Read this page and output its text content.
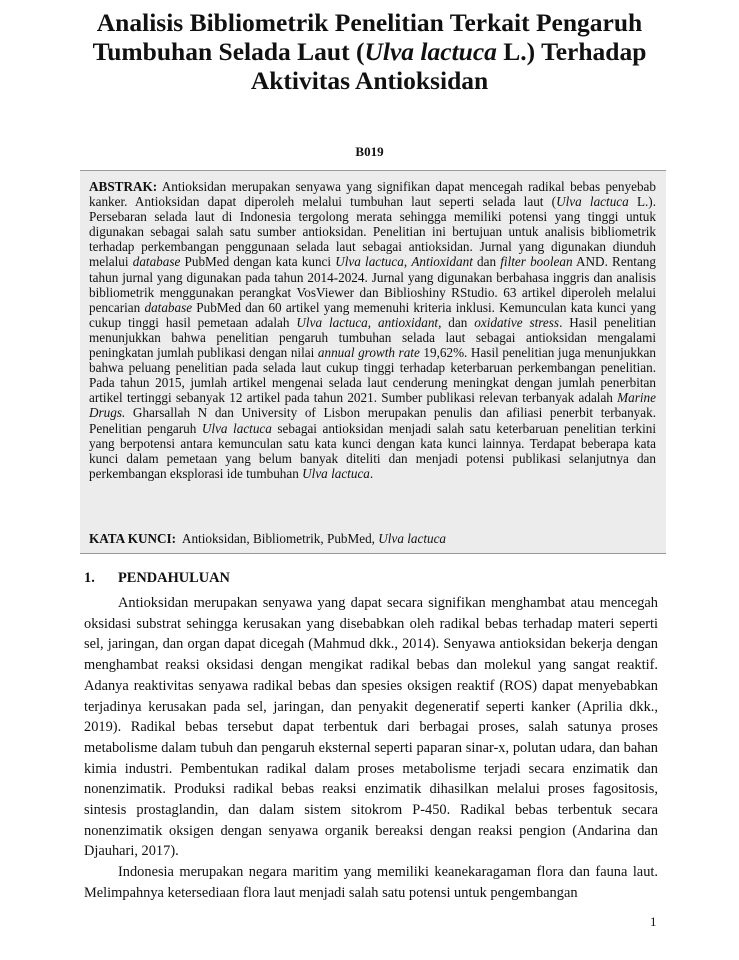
Analisis Bibliometrik Penelitian Terkait Pengaruh Tumbuhan Selada Laut (Ulva lactuca L.) Terhadap Aktivitas Antioksidan
B019
ABSTRAK: Antioksidan merupakan senyawa yang signifikan dapat mencegah radikal bebas penyebab kanker. Antioksidan dapat diperoleh melalui tumbuhan laut seperti selada laut (Ulva lactuca L.). Persebaran selada laut di Indonesia tergolong merata sehingga memiliki potensi yang tinggi untuk digunakan sebagai salah satu sumber antioksidan. Penelitian ini bertujuan untuk analisis bibliometrik terhadap perkembangan penggunaan selada laut sebagai antioksidan. Jurnal yang digunakan diunduh melalui database PubMed dengan kata kunci Ulva lactuca, Antioxidant dan filter boolean AND. Rentang tahun jurnal yang digunakan pada tahun 2014-2024. Jurnal yang digunakan berbahasa inggris dan analisis bibliometrik menggunakan perangkat VosViewer dan Biblioshiny RStudio. 63 artikel diperoleh melalui pencarian database PubMed dan 60 artikel yang memenuhi kriteria inklusi. Kemunculan kata kunci yang cukup tinggi hasil pemetaan adalah Ulva lactuca, antioxidant, dan oxidative stress. Hasil penelitian menunjukkan bahwa penelitian pengaruh tumbuhan selada laut sebagai antioksidan mengalami peningkatan jumlah publikasi dengan nilai annual growth rate 19,62%. Hasil penelitian juga menunjukkan bahwa peluang penelitian pada selada laut cukup tinggi terhadap keterbaruan perkembangan penelitian. Pada tahun 2015, jumlah artikel mengenai selada laut cenderung meningkat dengan jumlah penerbitan artikel tertinggi sebanyak 12 artikel pada tahun 2021. Sumber publikasi relevan terbanyak adalah Marine Drugs. Gharsallah N dan University of Lisbon merupakan penulis dan afiliasi penerbit terbanyak. Penelitian pengaruh Ulva lactuca sebagai antioksidan menjadi salah satu keterbaruan penelitian terkini yang berpotensi antara kemunculan satu kata kunci dengan kata kunci lainnya. Terdapat beberapa kata kunci dalam pemetaan yang belum banyak diteliti dan menjadi potensi publikasi selanjutnya dan perkembangan eksplorasi ide tumbuhan Ulva lactuca.
KATA KUNCI:  Antioksidan, Bibliometrik, PubMed, Ulva lactuca
1. PENDAHULUAN

Antioksidan merupakan senyawa yang dapat secara signifikan menghambat atau mencegah oksidasi substrat sehingga kerusakan yang disebabkan oleh radikal bebas terhadap materi seperti sel, jaringan, dan organ dapat dicegah (Mahmud dkk., 2014). Senyawa antioksidan bekerja dengan menghambat reaksi oksidasi dengan mengikat radikal bebas dan molekul yang sangat reaktif. Adanya reaktivitas senyawa radikal bebas dan spesies oksigen reaktif (ROS) dapat menyebabkan terjadinya kerusakan pada sel, jaringan, dan penyakit degeneratif seperti kanker (Aprilia dkk., 2019). Radikal bebas tersebut dapat terbentuk dari berbagai proses, salah satunya proses metabolisme dalam tubuh dan pengaruh eksternal seperti paparan sinar-x, polutan udara, dan bahan kimia industri. Pembentukan radikal dalam proses metabolisme terjadi secara enzimatik dan nonenzimatik. Produksi radikal bebas reaksi enzimatik dihasilkan melalui proses fagositosis, sintesis prostaglandin, dan dalam sistem sitokrom P-450. Radikal bebas terbentuk secara nonenzimatik oksigen dengan senyawa organik bereaksi dengan reaksi pengion (Andarina dan Djauhari, 2017).

Indonesia merupakan negara maritim yang memiliki keanekaragaman flora dan fauna laut. Melimpahnya ketersediaan flora laut menjadi salah satu potensi untuk pengembangan

1
